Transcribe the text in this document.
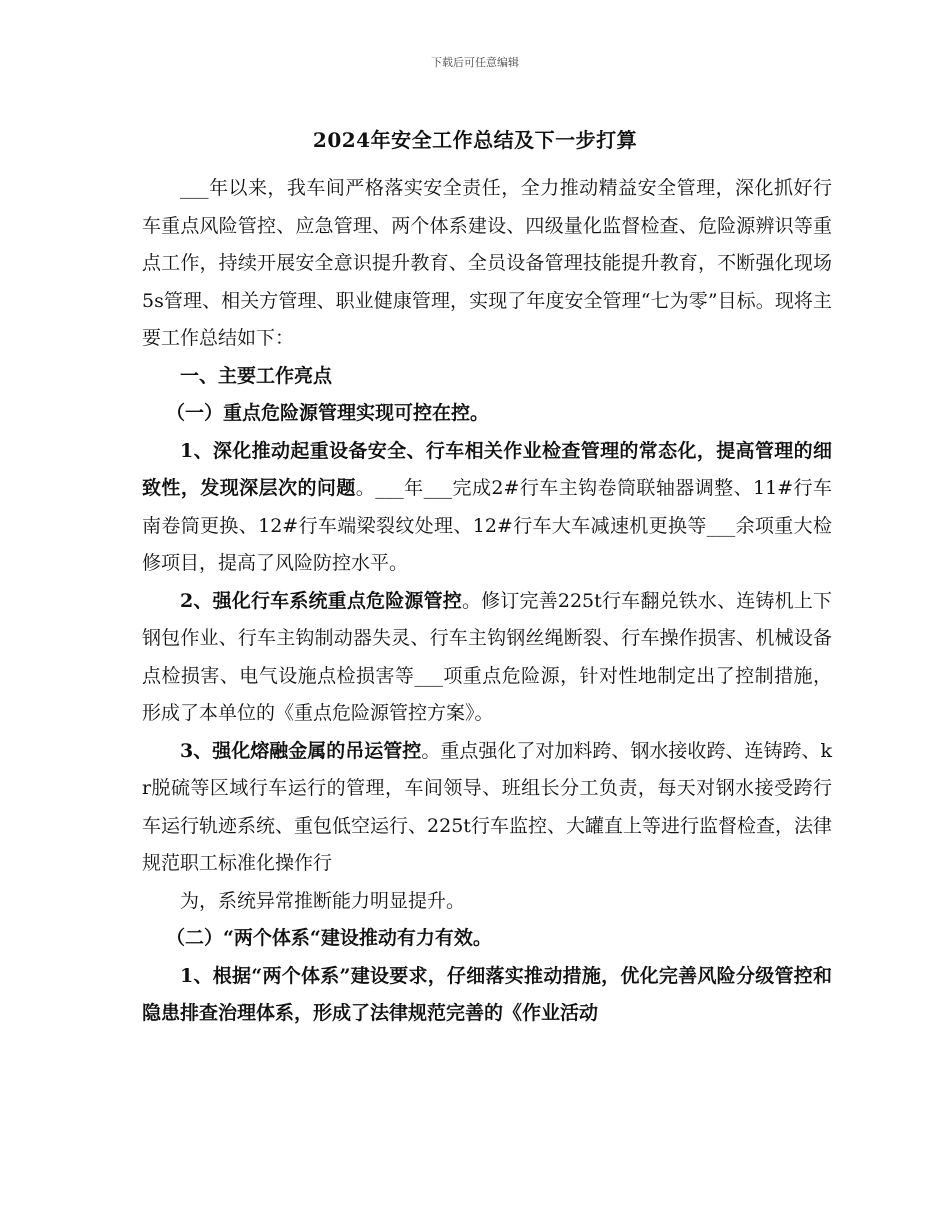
下载后可任意编辑
2024年安全工作总结及下一步打算

___年以来，我车间严格落实安全责任，全力推动精益安全管理，深化抓好行车重点风险管控、应急管理、两个体系建设、四级量化监督检查、危险源辨识等重点工作，持续开展安全意识提升教育、全员设备管理技能提升教育，不断强化现场5s管理、相关方管理、职业健康管理，实现了年度安全管理“七为零”目标。现将主要工作总结如下：

一、主要工作亮点

（一）重点危险源管理实现可控在控。

1、深化推动起重设备安全、行车相关作业检查管理的常态化，提高管理的细致性，发现深层次的问题。___年___完成2#行车主钩卷筒联轴器调整、11#行车南卷筒更换、12#行车端梁裂纹处理、12#行车大车减速机更换等___余项重大检修项目，提高了风险防控水平。

2、强化行车系统重点危险源管控。修订完善225t行车翻兑铁水、连铸机上下钢包作业、行车主钩制动器失灵、行车主钩钢丝绳断裂、行车操作损害、机械设备点检损害、电气设施点检损害等___项重点危险源，针对性地制定出了控制措施，形成了本单位的《重点危险源管控方案》。

3、强化熔融金属的吊运管控。重点强化了对加料跨、钢水接收跨、连铸跨、kr脱硫等区域行车运行的管理，车间领导、班组长分工负责，每天对钢水接受跨行车运行轨迹系统、重包低空运行、225t行车监控、大罐直上等进行监督检查，法律规范职工标准化操作行

为，系统异常推断能力明显提升。

（二）“两个体系“建设推动有力有效。

1、根据“两个体系”建设要求，仔细落实推动措施，优化完善风险分级管控和隐患排查治理体系，形成了法律规范完善的《作业活动
